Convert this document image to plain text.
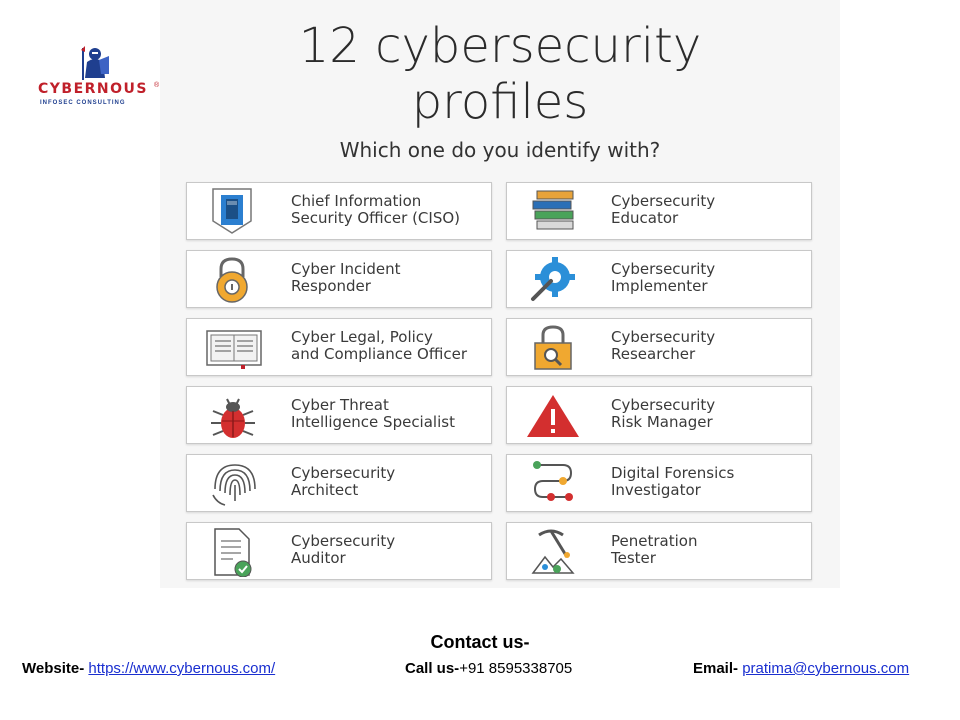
CYBERNOUS ®
INFOSEC CONSULTING
12 cybersecurity
profiles
Which one do you identify with?
Chief Information
Security Officer (CISO)
Cybersecurity
Educator
Cyber Incident
Responder
Cybersecurity
Implementer
Cyber Legal, Policy
and Compliance Officer
Cybersecurity
Researcher
Cyber Threat
Intelligence Specialist
Cybersecurity
Risk Manager
Cybersecurity
Architect
Digital Forensics
Investigator
Cybersecurity
Auditor
Penetration
Tester
Contact us-
Website- https://www.cybernous.com/	Call us-+91 8595338705	Email- pratima@cybernous.com
